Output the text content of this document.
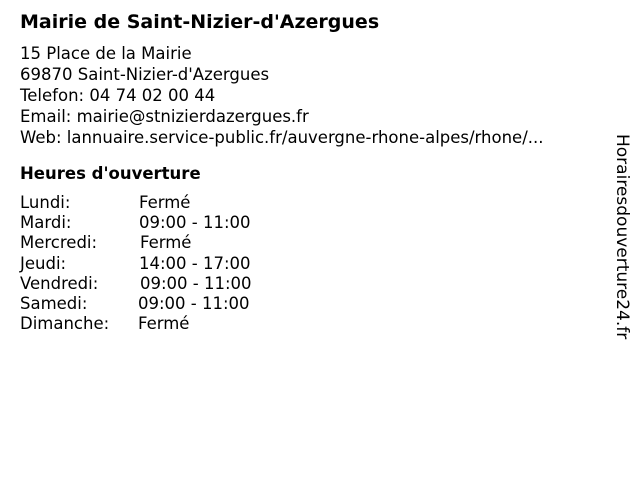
Mairie de Saint-Nizier-d'Azergues
15 Place de la Mairie
69870 Saint-Nizier-d'Azergues
Telefon: 04 74 02 00 44
Email: mairie@stnizierdazergues.fr
Web: lannuaire.service-public.fr/auvergne-rhone-alpes/rhone/...
Heures d'ouverture
Lundi:	Fermé
Mardi:	09:00 - 11:00
Mercredi:	Fermé
Jeudi:	14:00 - 17:00
Vendredi:	09:00 - 11:00
Samedi:	09:00 - 11:00
Dimanche: Fermé	Horairesdouverture24.fr
